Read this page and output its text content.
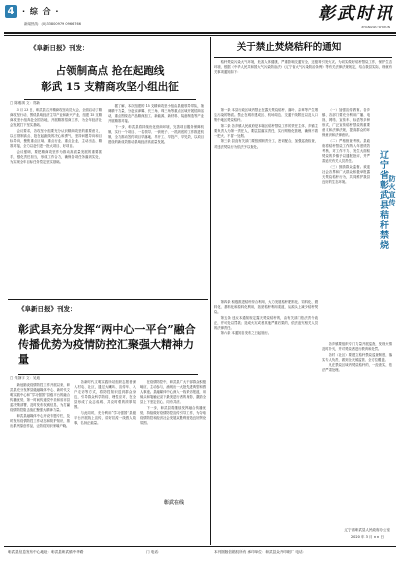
4 · 综 合 ·
新闻热线：(0)33800979 0966766	彰武时讯
ZHANGWU SHIXUN
《阜新日报》刊发：
占领制高点 抢在起跑线
彰武 15 支精商攻坚小组出征
□ 陈雅琪 文：郑新

3 月 23 日，彰武县召开精商攻坚动员大会，全面启动了精商攻坚行动，围绕县域经济主导产业和新兴产业，组建 15 支精商攻坚小组奔赴全国各地，开展精准招商工作，为全年经济社会发展打下坚实基础。

会议要求，各攻坚小组要充分认识精商攻坚的重要意义，以占领制高点、抢在起跑线的决心和勇气，坚持问题导向和目标导向，聚焦重点区域、重点行业、重点企业，主动出击、精准对接，全力以赴引进一批大项目、好项目。

会议强调，要把精商攻坚作为推动高质量发展的重要抓手，强化责任担当，形成工作合力，确保各项任务落到实处，为实现全年目标任务奠定坚实基础。

据了解，本次组建的 15 支精商攻坚小组由县级领导带队，抽调精干力量，分赴京津冀、长三角、珠三角等重点区域开展招商活动，重点围绕农产品精深加工、新能源、新材料、装备制造等产业开展精准对接。

下一步，彰武县将持续优化营商环境，完善项目服务保障机制，实行一个项目、一名领导、一套班子、一抓到底的工作推进机制，全力推动签约项目早落地、早开工、早投产、早见效，以项目建设的新成效推动县域经济高质量发展。

《阜新日报》刊发：
彰武县充分发挥“两中心一平台”融合传播优势为疫情防控汇聚强大精神力量
□ 朱静宇 文：吴迪

新冠肺炎疫情防控工作开展以来，彰武县充分发挥县级融媒体中心、新时代文明实践中心和“学习强国”县级平台的融合传播优势，第一时间传递党中央和省市县委决策部署，及时发布权威信息，为打赢疫情防控阻击战汇聚强大精神力量。

彰武县融媒体中心开设专题专栏，及时发布疫情防控工作动态和防护知识，推出系列原创作品，让防疫知识家喻户晓。

各新时代文明实践所站组织志愿者深入村屯、社区，通过大喇叭、宣传车、入户走访等方式，将防控知识送到群众身边，引导群众科学防疫、理性应对，在全县形成了众志成城、共克时艰的浓厚氛围。

与此同时，充分利用“学习强国”县级平台开展线上宣传，讲好抗疫一线感人故事，弘扬正能量。

在疫情防控中，彰武县广大干部群众积极响应，主动参与，涌现出一大批先进典型和感人事迹。县融媒体中心深入一线采访报道，用镜头和笔触记录下最美逆行者的身影，激励全县上下坚定信心、同舟共济。

下一步，彰武县将继续发挥融合传播优势，持续做好疫情防控宣传引导工作，为夺取疫情防控和经济社会发展双胜利营造良好舆论氛围。

彰武在线
关于禁止焚烧秸秆的通知

秸秆焚烧污染大气环境，危害人体健康，严重影响交通安全，还极易引发火灾。为切实做好秸秆禁烧工作，保护生态环境，根据《中华人民共和国大气污染防治法》《辽宁省大气污染防治条例》等有关法律法规规定，结合我县实际，现就有关事项通知如下：

第一条 本县行政区域内禁止在露天焚烧秸秆、落叶、杂草等产生烟尘污染的物质。禁止在城市建成区、机场周边、交通干线附近以及人口集中地区焚烧秸秆。

第二条 各乡镇人民政府是本辖区秸秆禁烧工作的责任主体，乡镇主要负责人为第一责任人，要层层落实责任，实行网格化管理，确保不着一把火、不冒一处烟。

第三条 县直有关部门要按照职责分工，密切配合，加强巡查检查，对违法焚烧行为依法予以查处。

第四条 积极推进秸秆综合利用，大力发展秸秆肥料化、饲料化、燃料化、基料化和原料化利用，拓宽秸秆利用渠道，从源头上减少秸秆焚烧。

第五条 违反本通知规定露天焚烧秸秆的，由有关部门依法责令改正，并可处以罚款；造成火灾或者其他严重后果的，依法追究相关人员的法律责任。

第六条 本通知自发布之日起施行。

（一）加强宣传教育。各乡镇、各部门要充分利用广播、电视、网络、宣传车、标语等多种形式，广泛宣传秸秆禁烧的重要意义和法律法规，提高群众的环保意识和法律意识。

（二）严格督查考核。县政府将秸秆禁烧工作纳入年度绩效考核，对工作不力、发生大面积焚烧的乡镇予以通报批评，并严肃追究有关人员责任。

（三）鼓励群众监督。欢迎社会各界和广大群众积极举报露天焚烧秸秆行为，共同维护我县良好的生态环境。	辽宁省彰武县秸秆禁烧 防火宣传

各乡镇要组织专门力量开展巡查，发现火情及时扑灭，并对焚烧者进行教育和处罚。

各村（社区）要建立秸秆禁烧巡查制度，落实专人负责，做到全天候监管、全方位覆盖。

凡在禁烧区域内焚烧秸秆的，一经查实，依法严肃处理。

辽宁省彰武县人民政府办公室
2020 年 3 月 ×× 日
彰武县信息发布中心地址：彰武县彰武镇中华路	门 电话：	本刊图版信箱权所有 承印单位：彰武县众升印刷厂 电话：
